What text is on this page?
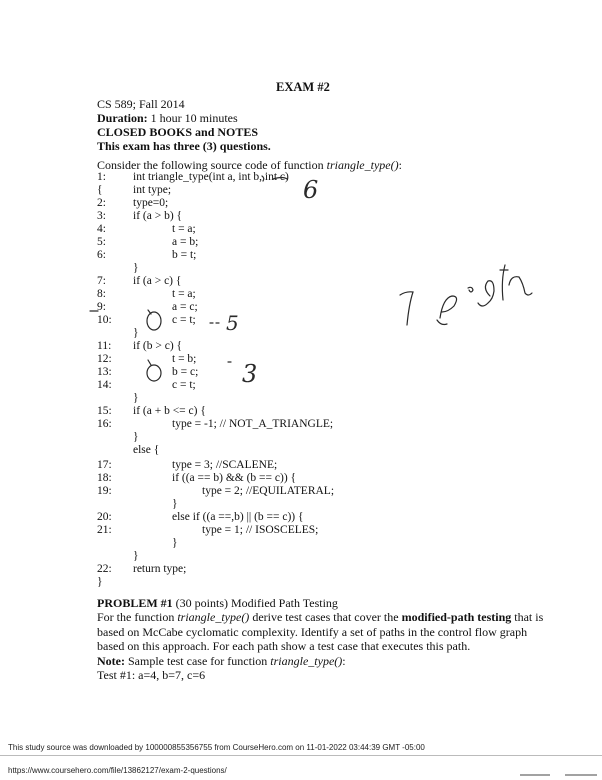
EXAM #2
CS 589; Fall 2014
Duration: 1 hour 10 minutes
CLOSED BOOKS and NOTES
This exam has three (3) questions.
Consider the following source code of function triangle_type():
1:	int triangle_type(int a, int b, int c)
{	int type;
2:	type=0;
3:	if (a > b) {
4:	t = a;
5:	a = b;
6:	b = t;
}
7:	if (a > c) {
8:	t = a;
9:	a = c;
10:	c = t;
}
11:	if (b > c) {
12:	t = b;
13:	b = c;
14:	c = t;
}
15:	if (a + b <= c) {
16:	type = -1; // NOT_A_TRIANGLE;
}
else {
17:	type = 3; //SCALENE;
18:	if ((a == b) && (b == c)) {
19:	type = 2; //EQUILATERAL;
}
20:	else if ((a ==,b) || (b == c)) {
21:	type = 1; // ISOSCELES;
}
}
22:	return type;
}

PROBLEM #1 (30 points) Modified Path Testing

For the function triangle_type() derive test cases that cover the modified-path testing that is based on McCabe cyclomatic complexity. Identify a set of paths in the control flow graph based on this approach. For each path show a test case that executes this path.

Note: Sample test case for function triangle_type():

Test #1: a=4, b=7, c=6

6
5
3
7 path
This study source was downloaded by 100000855356755 from CourseHero.com on 11-01-2022 03:44:39 GMT -05:00
https://www.coursehero.com/file/13862127/exam-2-questions/
